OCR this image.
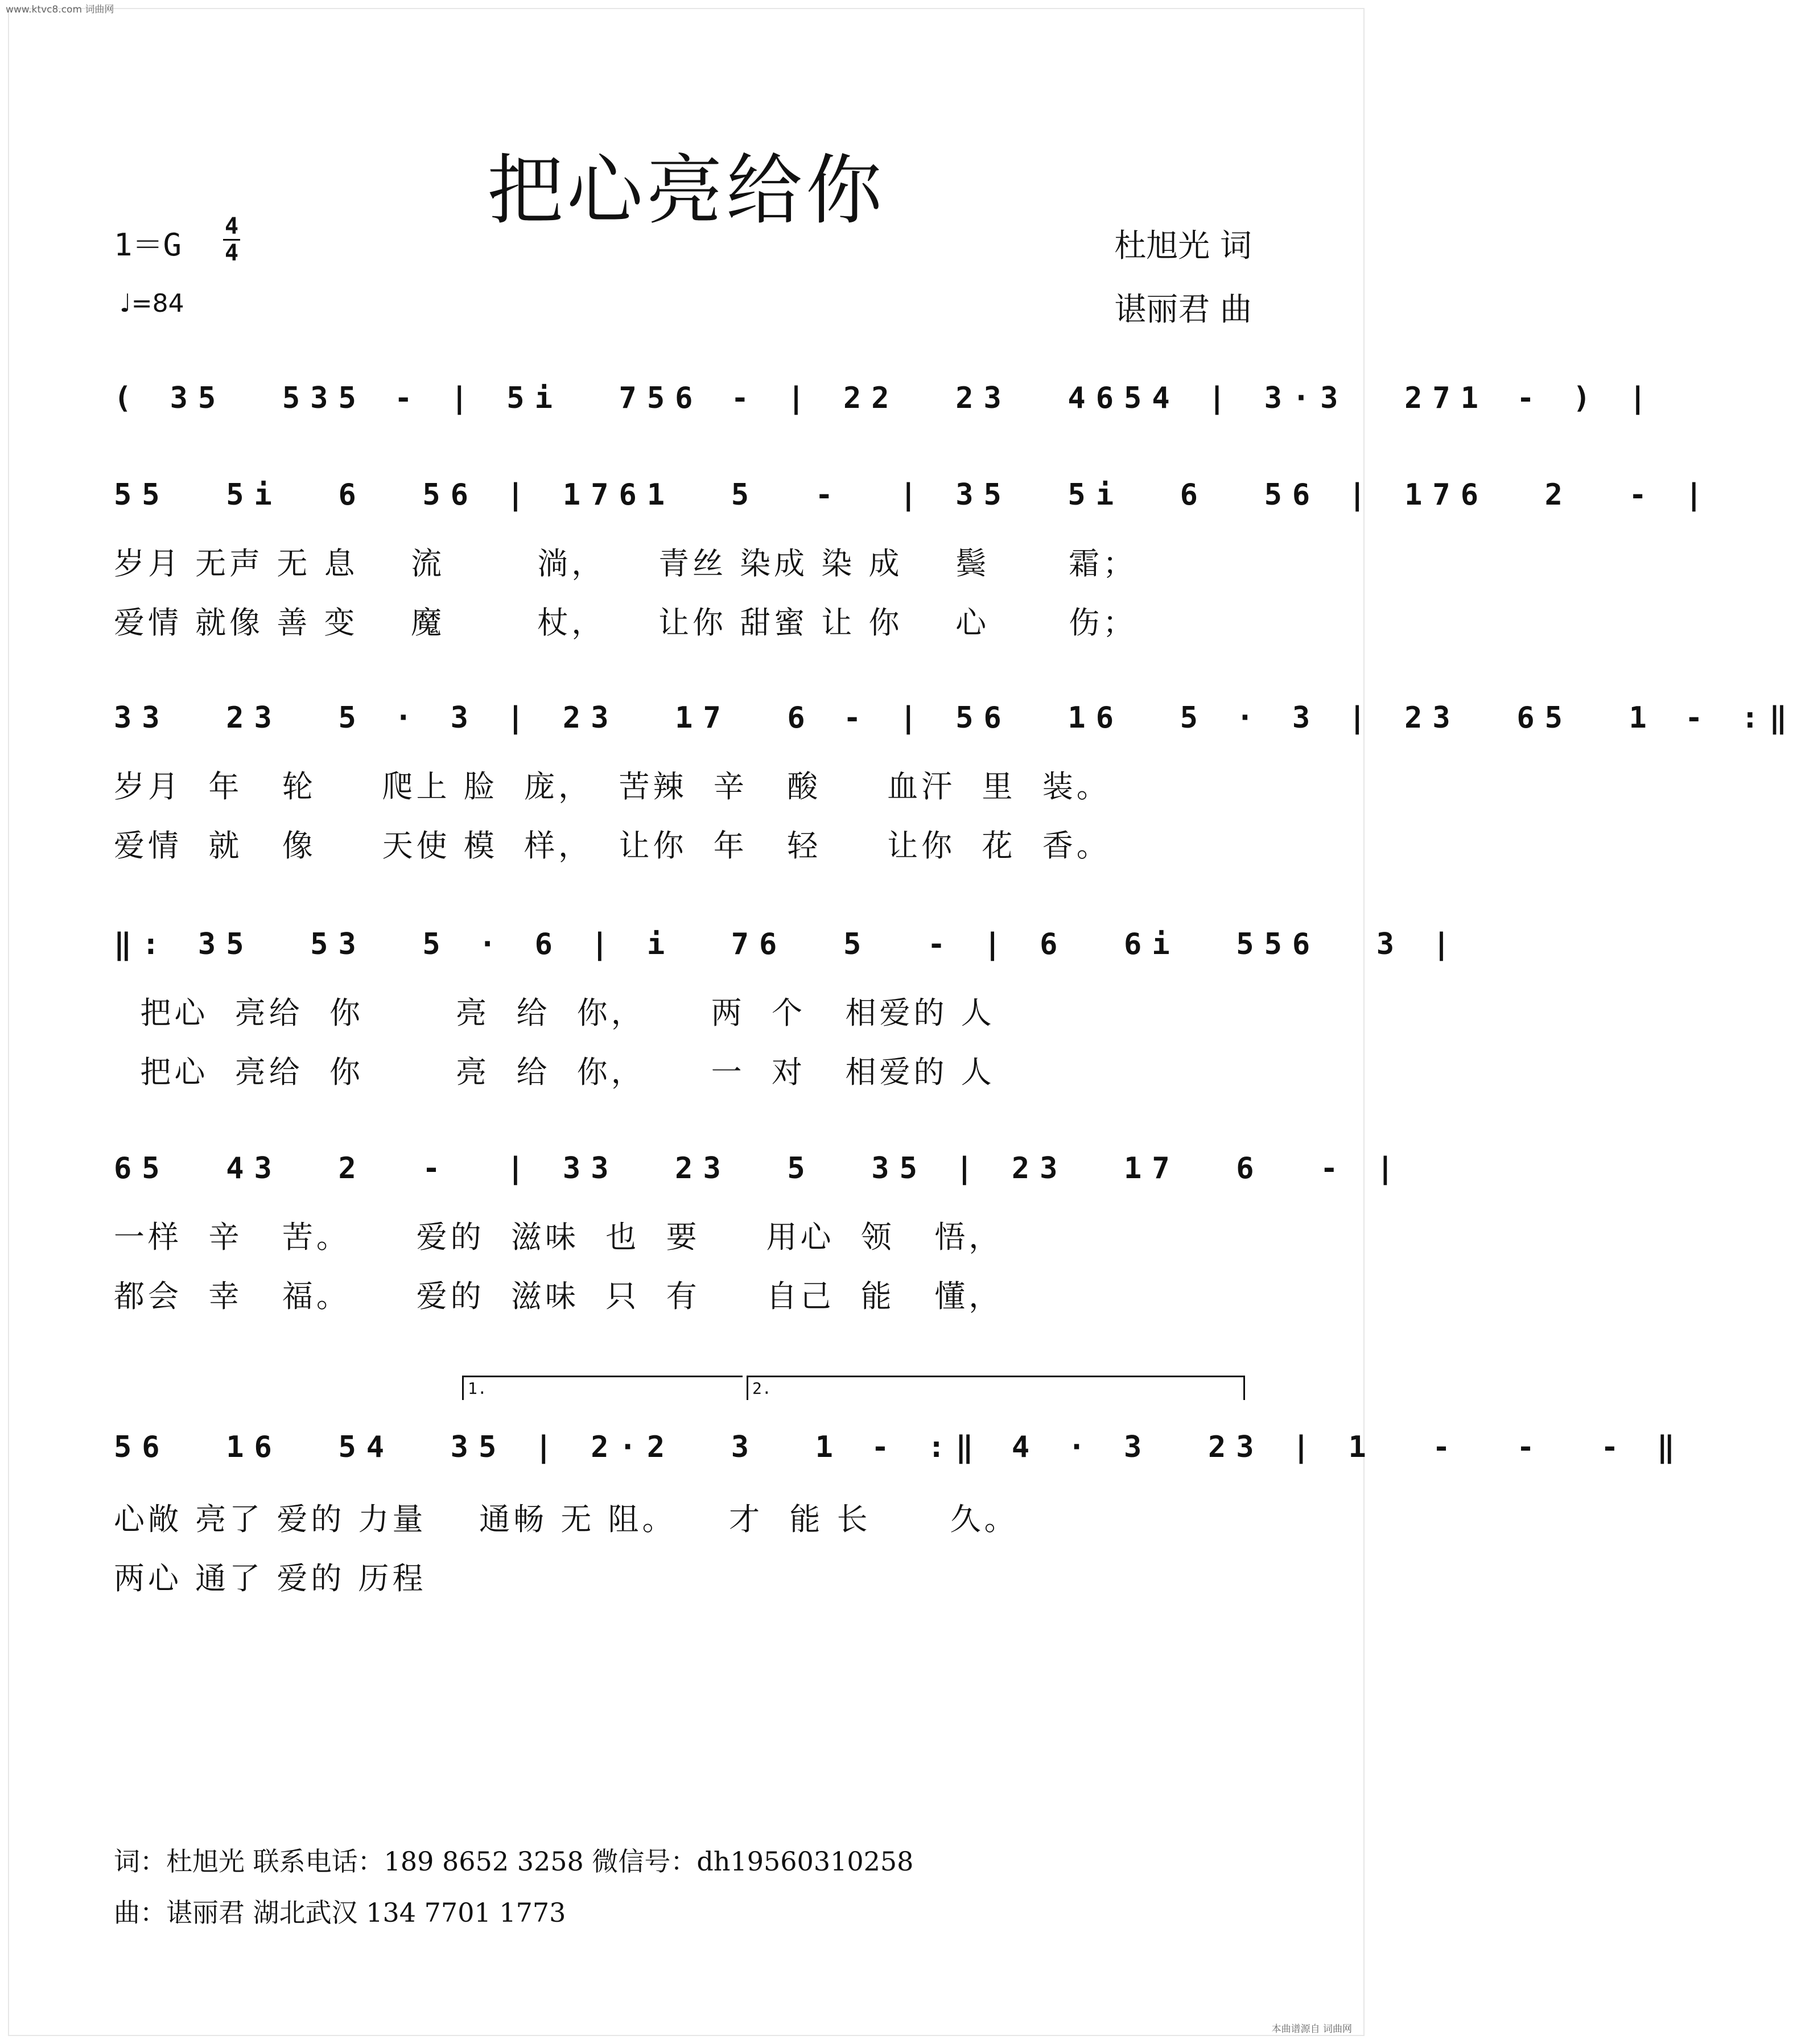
www.ktvc8.com 词曲网
本曲谱源自 词曲网
把心亮给你
1＝G
4
4
♩=84
杜旭光 词
谌丽君 曲
( 35  535 - | 5i  756 - | 22  23  4654 | 3·3  271 - ) |
55  5i  6  56 | 1761  5  -  | 35  5i  6  56 | 176  2  - |
岁月 无声 无 息    流       淌，    青丝 染成 染 成    鬓      霜；
爱情 就像 善 变    魔       杖，    让你 甜蜜 让 你    心      伤；
33  23  5 · 3 | 23  17  6 - | 56  16  5 · 3 | 23  65  1 - :‖
岁月  年   轮     爬上 脸  庞，  苦辣  辛   酸     血汗  里  装。
爱情  就   像     天使 模  样，  让你  年   轻     让你  花  香。
‖: 35  53  5 · 6 | i  76  5  - | 6  6i  556  3 |
把心  亮给  你       亮  给  你，     两  个   相爱的 人
把心  亮给  你       亮  给  你，     一  对   相爱的 人
65  43  2  -  | 33  23  5  35 | 23  17  6  - |
一样  辛   苦。     爱的  滋味  也  要     用心  领   悟，
都会  幸   福。     爱的  滋味  只  有     自己  能   懂，
1.	2.
56  16  54  35 | 2·2  3  1 - :‖ 4 · 3  23 | 1  -  -  - ‖
心敞 亮了 爱的 力量    通畅 无 阻。    才  能 长      久。
两心 通了 爱的 历程
词：杜旭光 联系电话：189 8652 3258 微信号：dh19560310258
曲：谌丽君 湖北武汉 134 7701 1773
